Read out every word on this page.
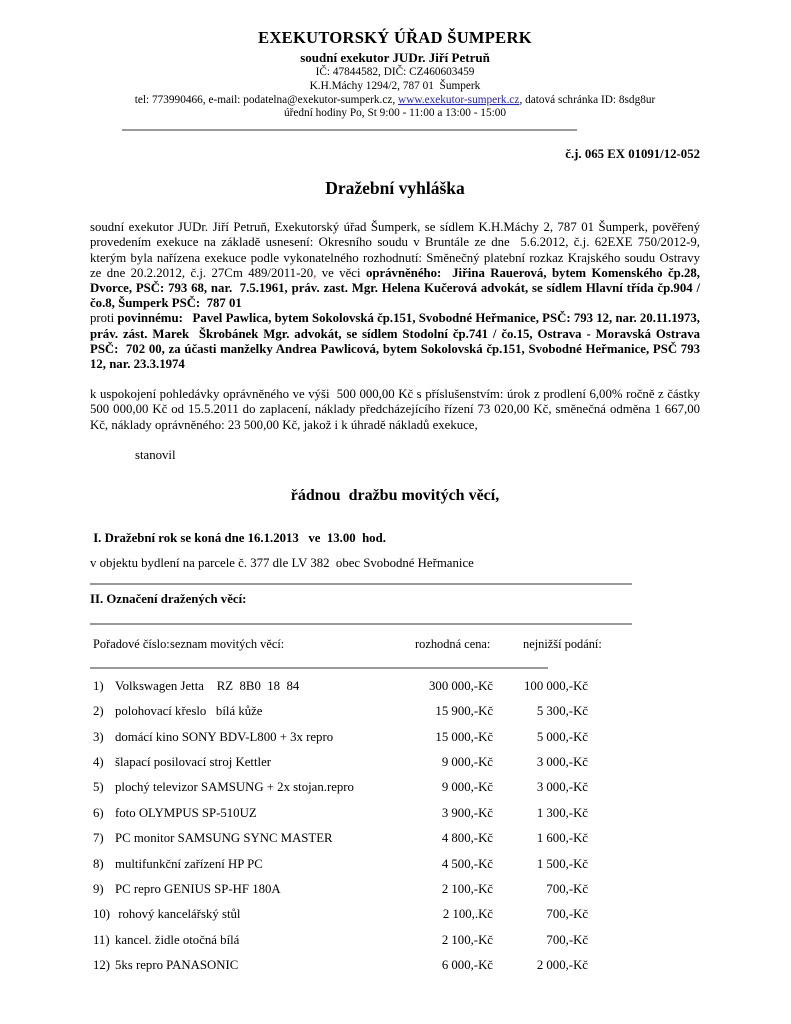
EXEKUTORSKÝ ÚŘAD ŠUMPERK
soudní exekutor JUDr. Jiří Petruň
IČ: 47844582, DIČ: CZ460603459
K.H.Máchy 1294/2, 787 01  Šumperk
tel: 773990466, e-mail: podatelna@exekutor-sumperk.cz, www.exekutor-sumperk.cz, datová schránka ID: 8sdg8ur
úřední hodiny Po, St 9:00 - 11:00 a 13:00 - 15:00
č.j. 065 EX 01091/12-052
Dražební vyhláška

soudní exekutor JUDr. Jiří Petruň, Exekutorský úřad Šumperk, se sídlem K.H.Máchy 2, 787 01 Šumperk, pověřený provedením exekuce na základě usnesení: Okresního soudu v Bruntále ze dne  5.6.2012, č.j. 62EXE 750/2012-9, kterým byla nařízena exekuce podle vykonatelného rozhodnutí: Směnečný platební rozkaz Krajského soudu Ostravy ze dne 20.2.2012, č.j. 27Cm 489/2011-20, ve věci oprávněného:  Jiřina Rauerová, bytem Komenského čp.28, Dvorce, PSČ: 793 68, nar.  7.5.1961, práv. zast. Mgr. Helena Kučerová advokát, se sídlem Hlavní třída čp.904 / čo.8, Šumperk PSČ:  787 01
proti povinnému:   Pavel Pawlica, bytem Sokolovská čp.151, Svobodné Heřmanice, PSČ: 793 12, nar. 20.11.1973, práv. zást. Marek  Škrobánek Mgr. advokát, se sídlem Stodolní čp.741 / čo.15, Ostrava - Moravská Ostrava PSČ:  702 00, za účasti manželky Andrea Pawlicová, bytem Sokolovská čp.151, Svobodné Heřmanice, PSČ 793 12, nar. 23.3.1974

k uspokojení pohledávky oprávněného ve výši  500 000,00 Kč s příslušenstvím: úrok z prodlení 6,00% ročně z částky 500 000,00 Kč od 15.5.2011 do zaplacení, náklady předcházejícího řízení 73 020,00 Kč, směnečná odměna 1 667,00 Kč, náklady oprávněného: 23 500,00 Kč, jakož i k úhradě nákladů exekuce,

stanovil
řádnou  dražbu movitých věcí,
I. Dražební rok se koná dne 16.1.2013   ve  13.00  hod.
v objektu bydlení na parcele č. 377 dle LV 382  obec Svobodné Heřmanice
II. Označení dražených věcí:
Pořadové číslo: seznam movitých věcí:	rozhodná cena:	nejnižší podání:
1) Volkswagen Jetta    RZ  8B0  18  84	300 000,-Kč	100 000,-Kč
2) polohovací křeslo   bílá kůže	15 900,-Kč	5 300,-Kč
3) domácí kino SONY BDV-L800 + 3x repro	15 000,-Kč	5 000,-Kč
4) šlapací posilovací stroj Kettler	9 000,-Kč	3 000,-Kč
5) plochý televizor SAMSUNG + 2x stojan.repro	9 000,-Kč	3 000,-Kč
6) foto OLYMPUS SP-510UZ	3 900,-Kč	1 300,-Kč
7) PC monitor SAMSUNG SYNC MASTER	4 800,-Kč	1 600,-Kč
8) multifunkční zařízení HP PC	4 500,-Kč	1 500,-Kč
9) PC repro GENIUS SP-HF 180A	2 100,-Kč	700,-Kč
10) rohový kancelářský stůl	2 100,.Kč	700,-Kč
11) kancel. židle otočná bílá	2 100,-Kč	700,-Kč
12) 5ks repro PANASONIC	6 000,-Kč	2 000,-Kč
